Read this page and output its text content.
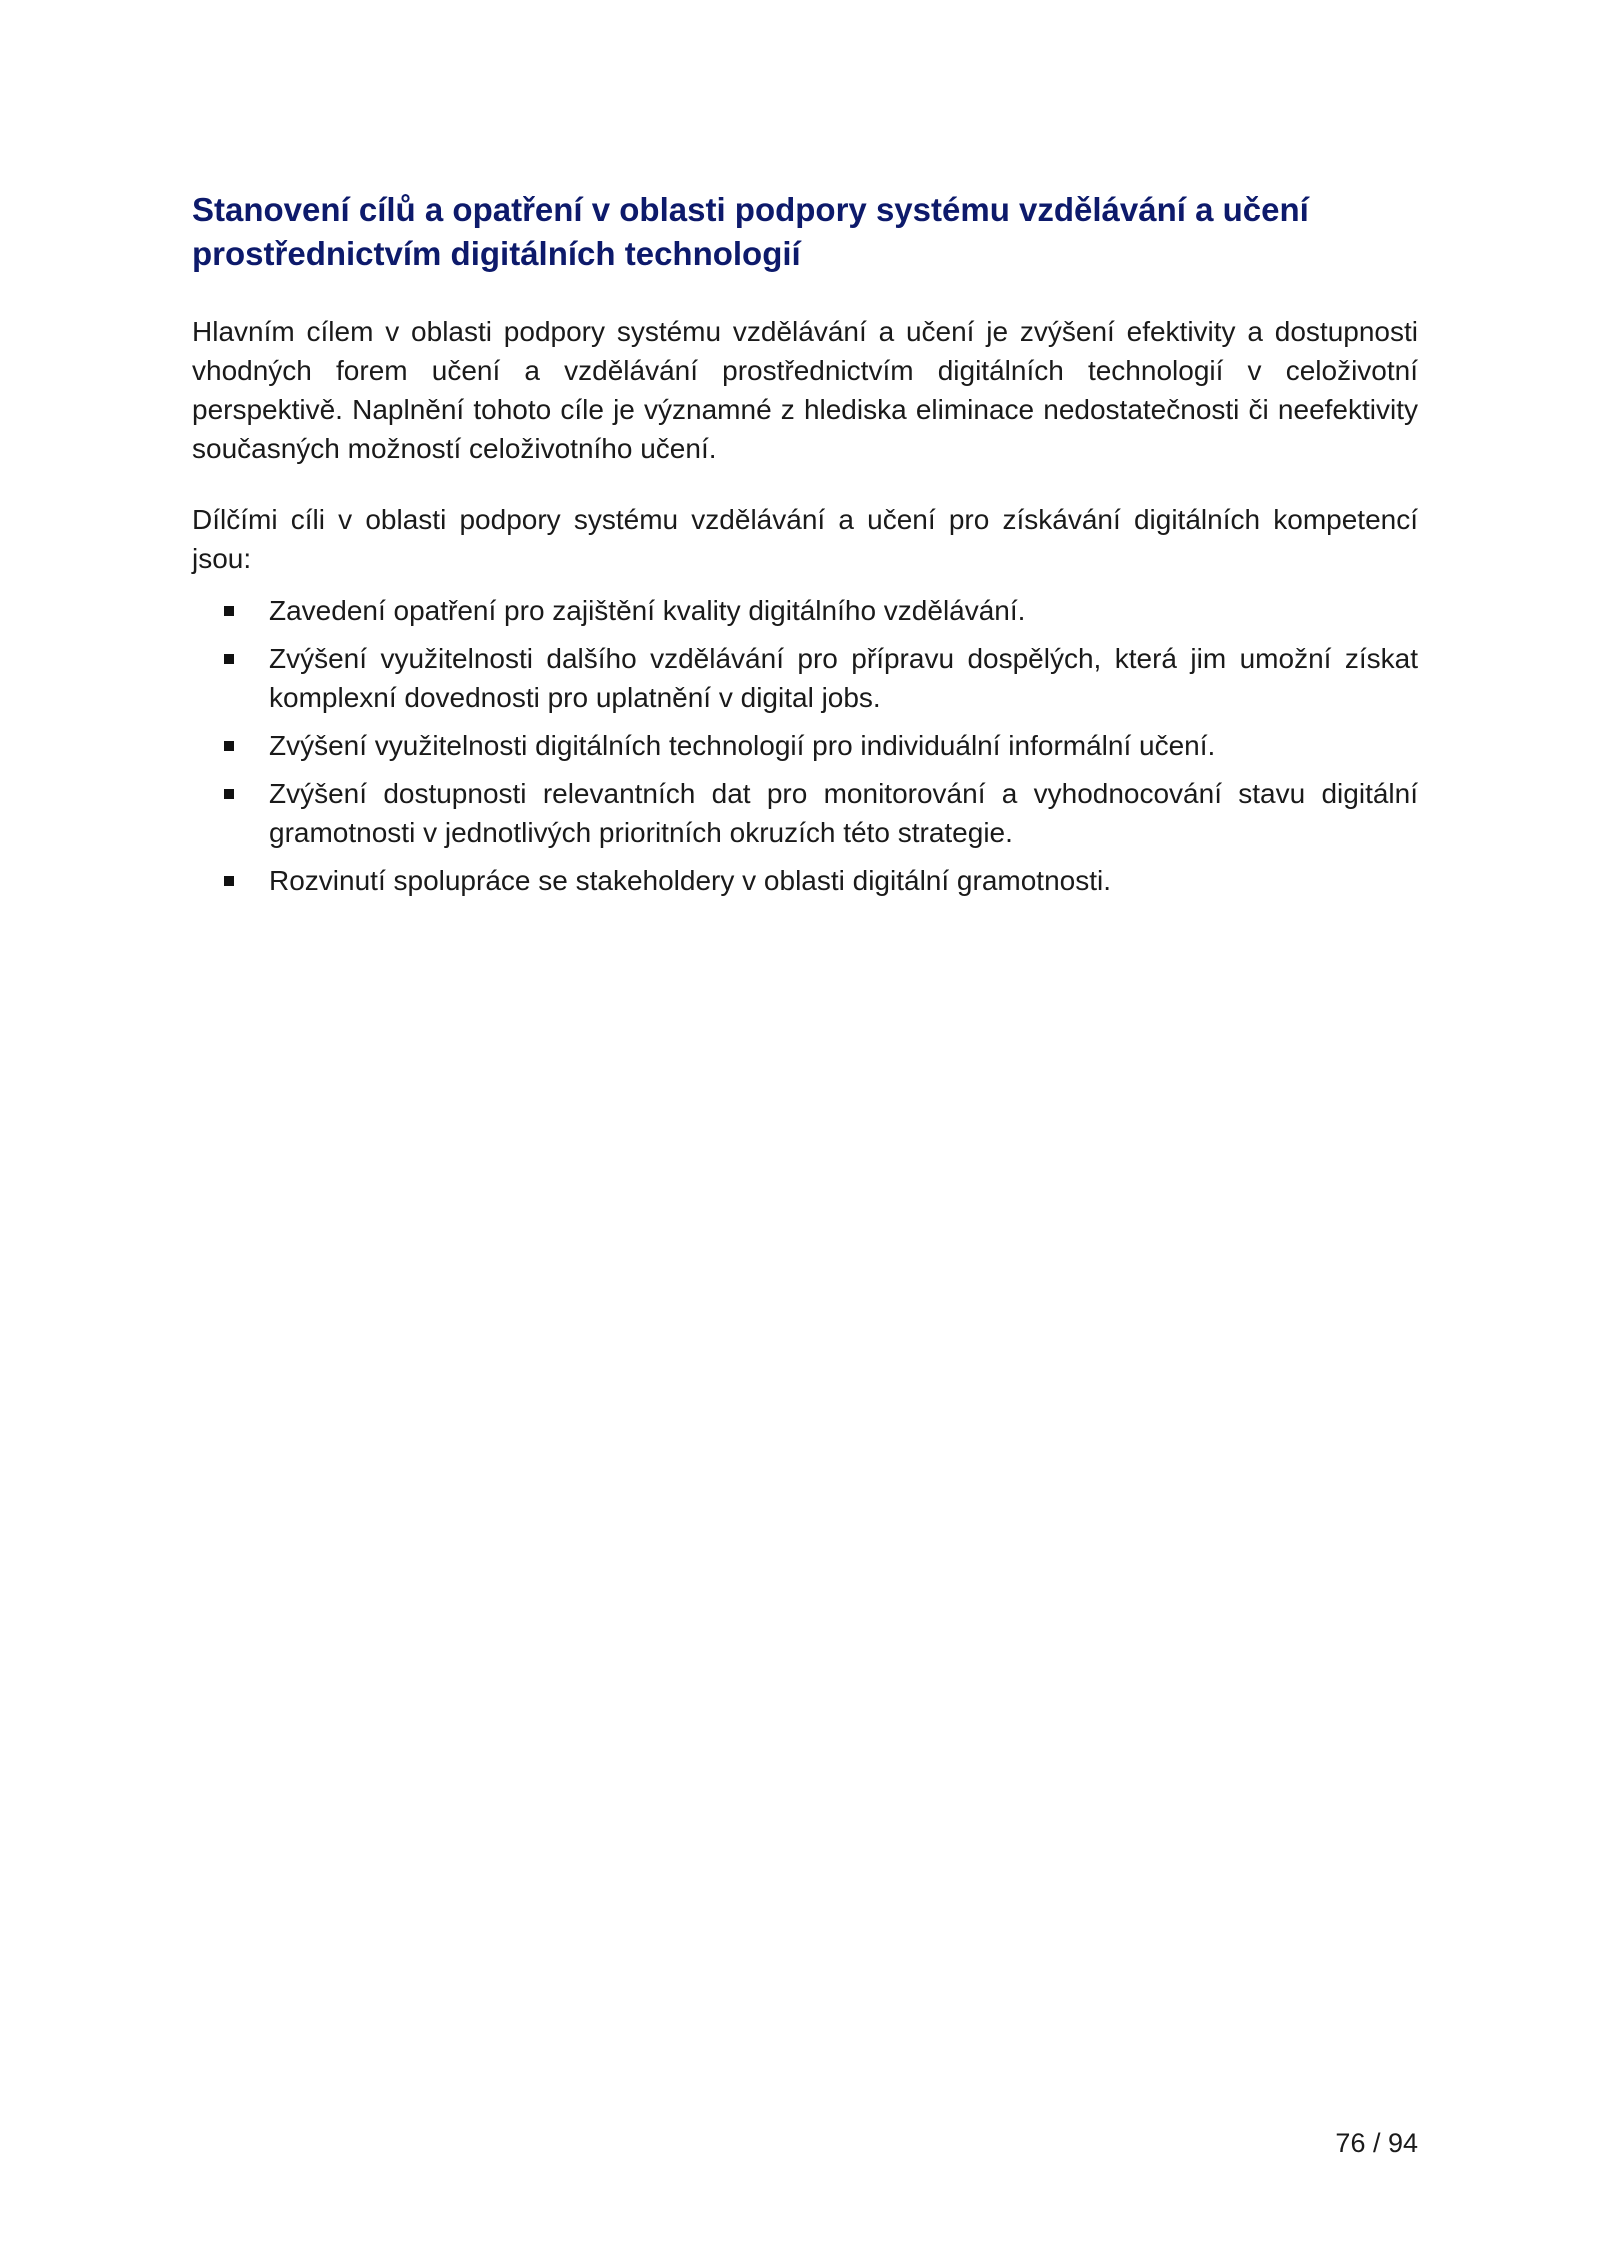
Stanovení cílů a opatření v oblasti podpory systému vzdělávání a učení prostřednictvím digitálních technologií

Hlavním cílem v oblasti podpory systému vzdělávání a učení je zvýšení efektivity a dostupnosti vhodných forem učení a vzdělávání prostřednictvím digitálních technologií v celoživotní perspektivě. Naplnění tohoto cíle je významné z hlediska eliminace nedostatečnosti či neefektivity současných možností celoživotního učení.

Dílčími cíli v oblasti podpory systému vzdělávání a učení pro získávání digitálních kompetencí jsou:

Zavedení opatření pro zajištění kvality digitálního vzdělávání.
Zvýšení využitelnosti dalšího vzdělávání pro přípravu dospělých, která jim umožní získat komplexní dovednosti pro uplatnění v digital jobs.
Zvýšení využitelnosti digitálních technologií pro individuální informální učení.
Zvýšení dostupnosti relevantních dat pro monitorování a vyhodnocování stavu digitální gramotnosti v jednotlivých prioritních okruzích této strategie.
Rozvinutí spolupráce se stakeholdery v oblasti digitální gramotnosti.
76 / 94
